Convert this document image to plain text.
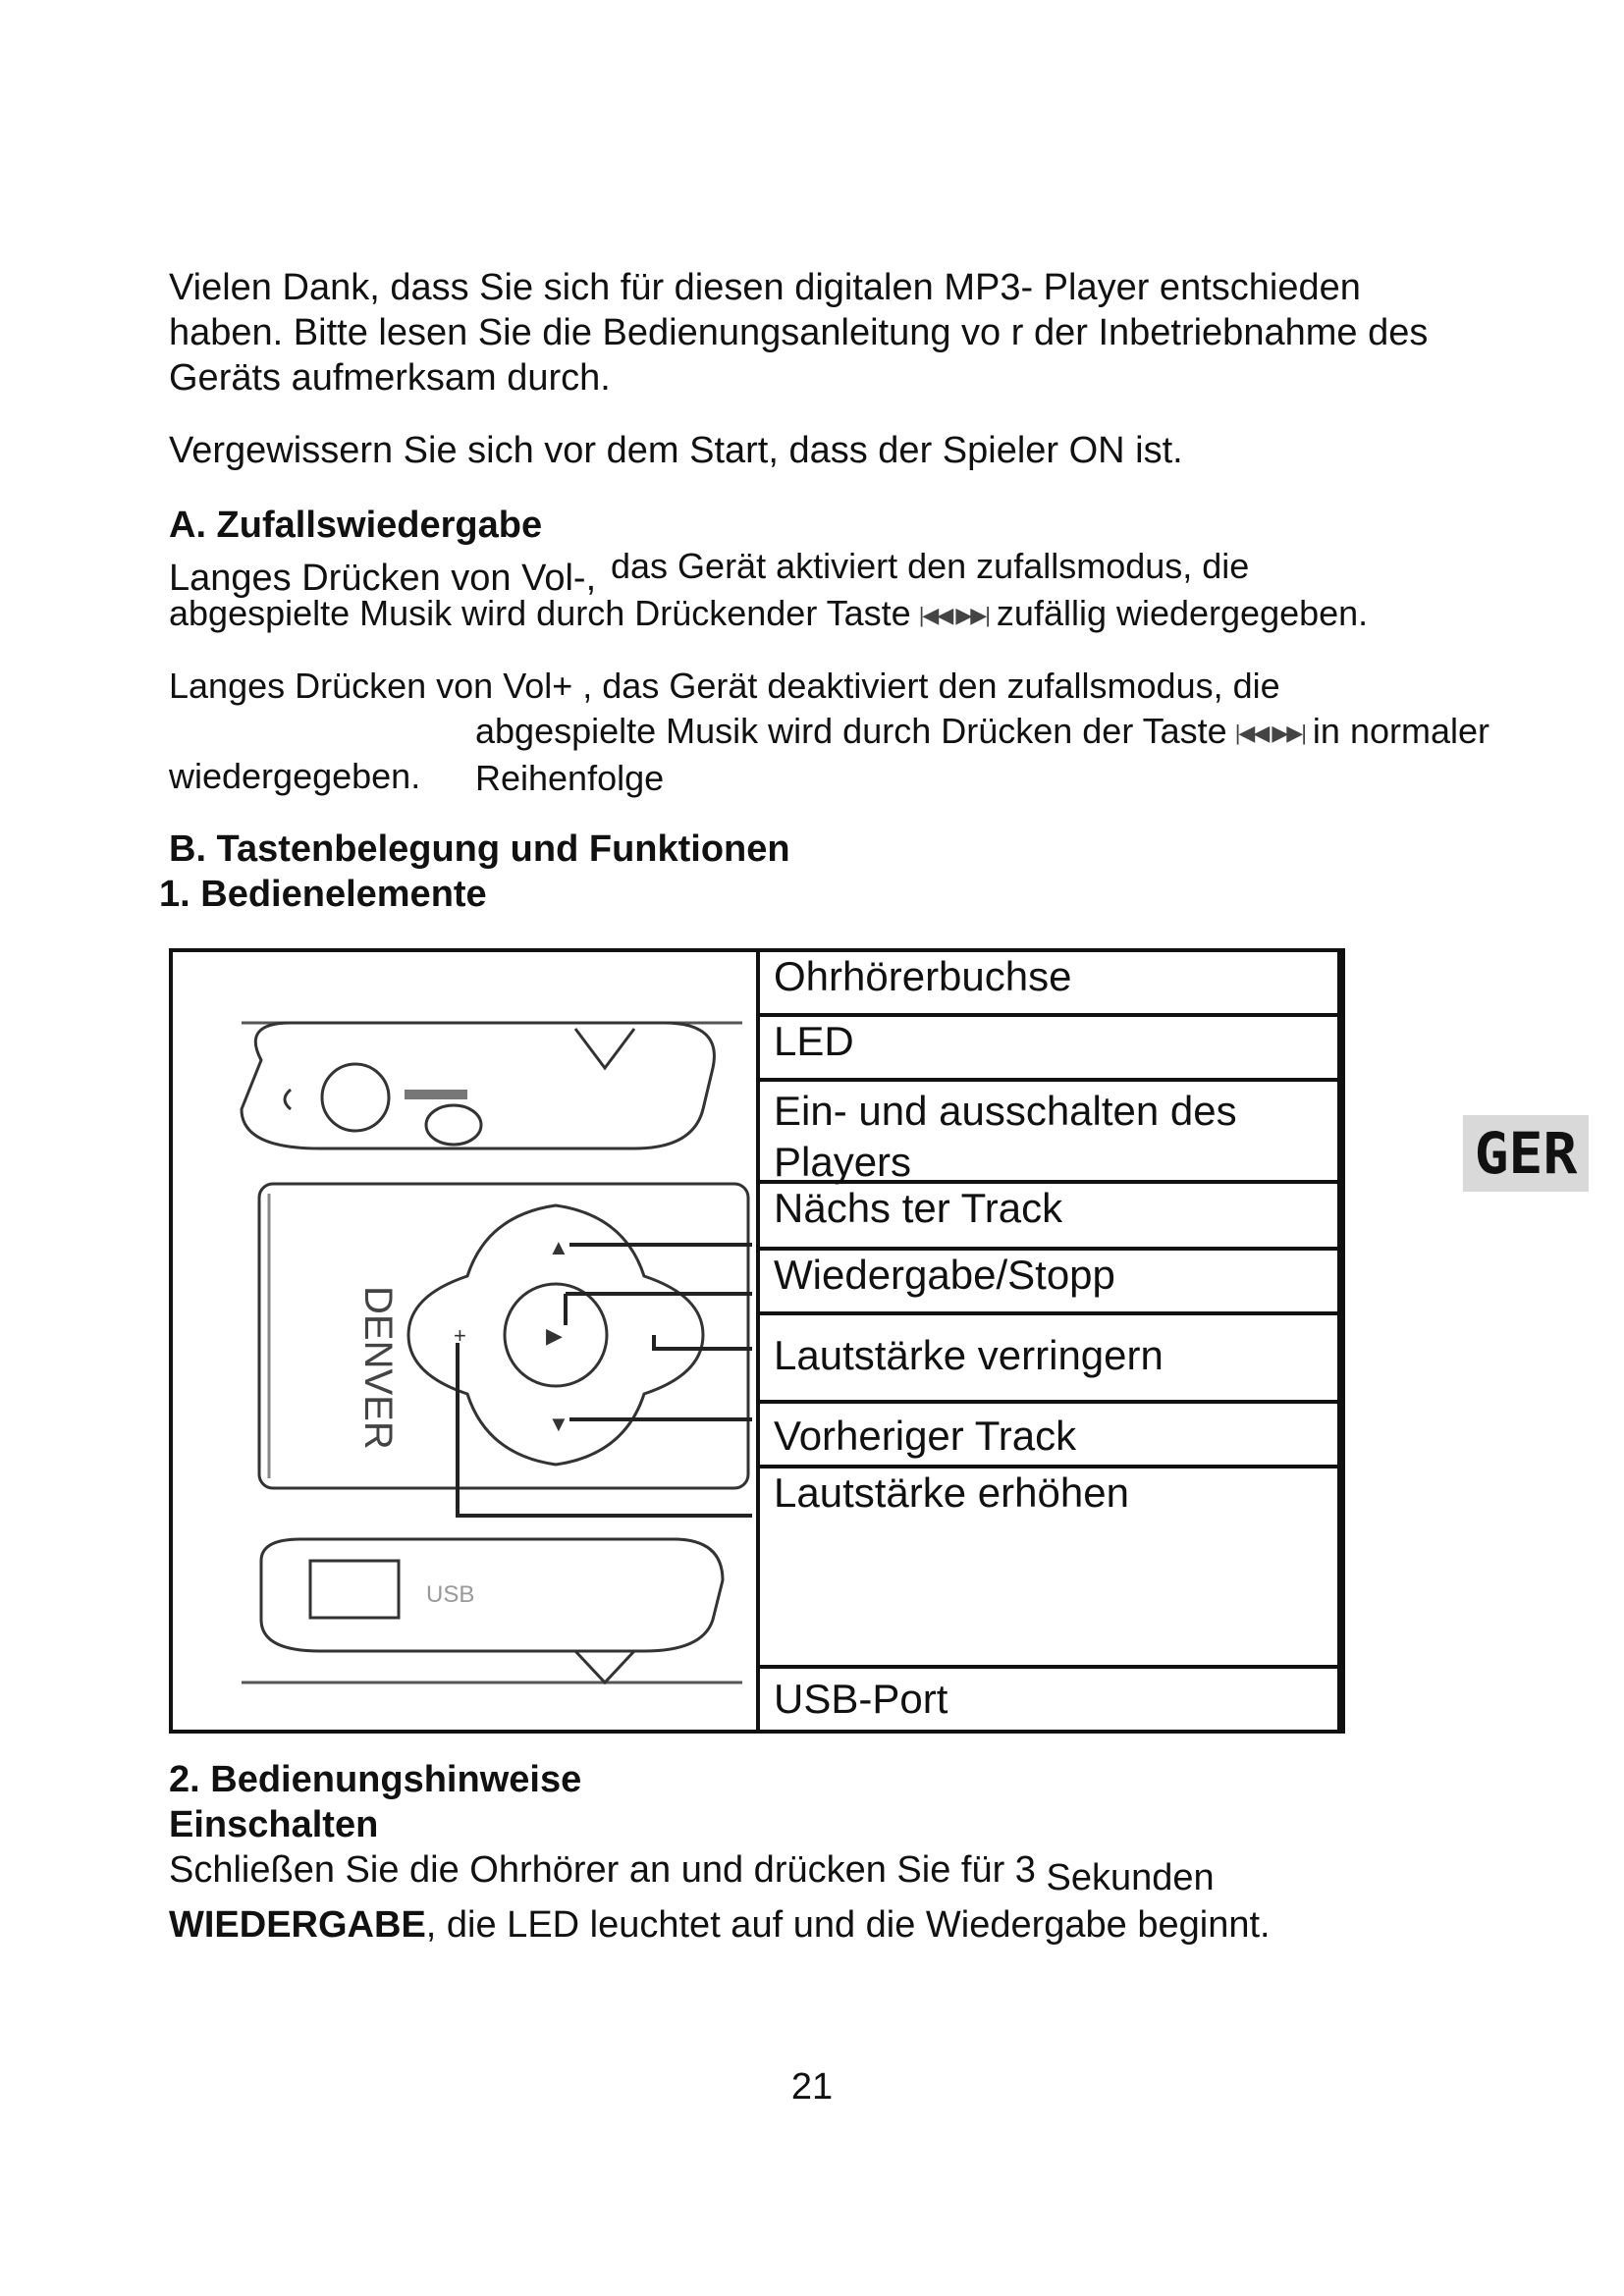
Vielen Dank, dass Sie sich für diesen digitalen MP3- Player entschieden
haben. Bitte lesen Sie die Bedienungsanleitung vo r der Inbetriebnahme des
Geräts aufmerksam durch.
Vergewissern Sie sich vor dem Start, dass der Spieler ON ist.
A. Zufallswiedergabe
Langes Drücken von Vol-, das Gerät aktiviert den zufallsmodus, die
abgespielte Musik wird durch Drückender Taste |◀◀ ▶▶| zufällig wiedergegeben.
Langes Drücken von Vol+ , das Gerät deaktiviert den zufallsmodus, die
abgespielte Musik wird durch Drücken der Taste |◀◀ ▶▶| in normaler Reihenfolge
wiedergegeben.
B. Tastenbelegung und Funktionen
1. Bedienelemente
DENVER
▲
▼
+	▶
USB
Ohrhörerbuchse
LED
Ein- und ausschalten des Players
Nächs ter Track
Wiedergabe/Stopp
Lautstärke verringern
Vorheriger Track
Lautstärke erhöhen
USB-Port
GER
2. Bedienungshinweise
Einschalten
Schließen Sie die Ohrhörer an und drücken Sie für 3 Sekunden
WIEDERGABE, die LED leuchtet auf und die Wiedergabe beginnt.
21
